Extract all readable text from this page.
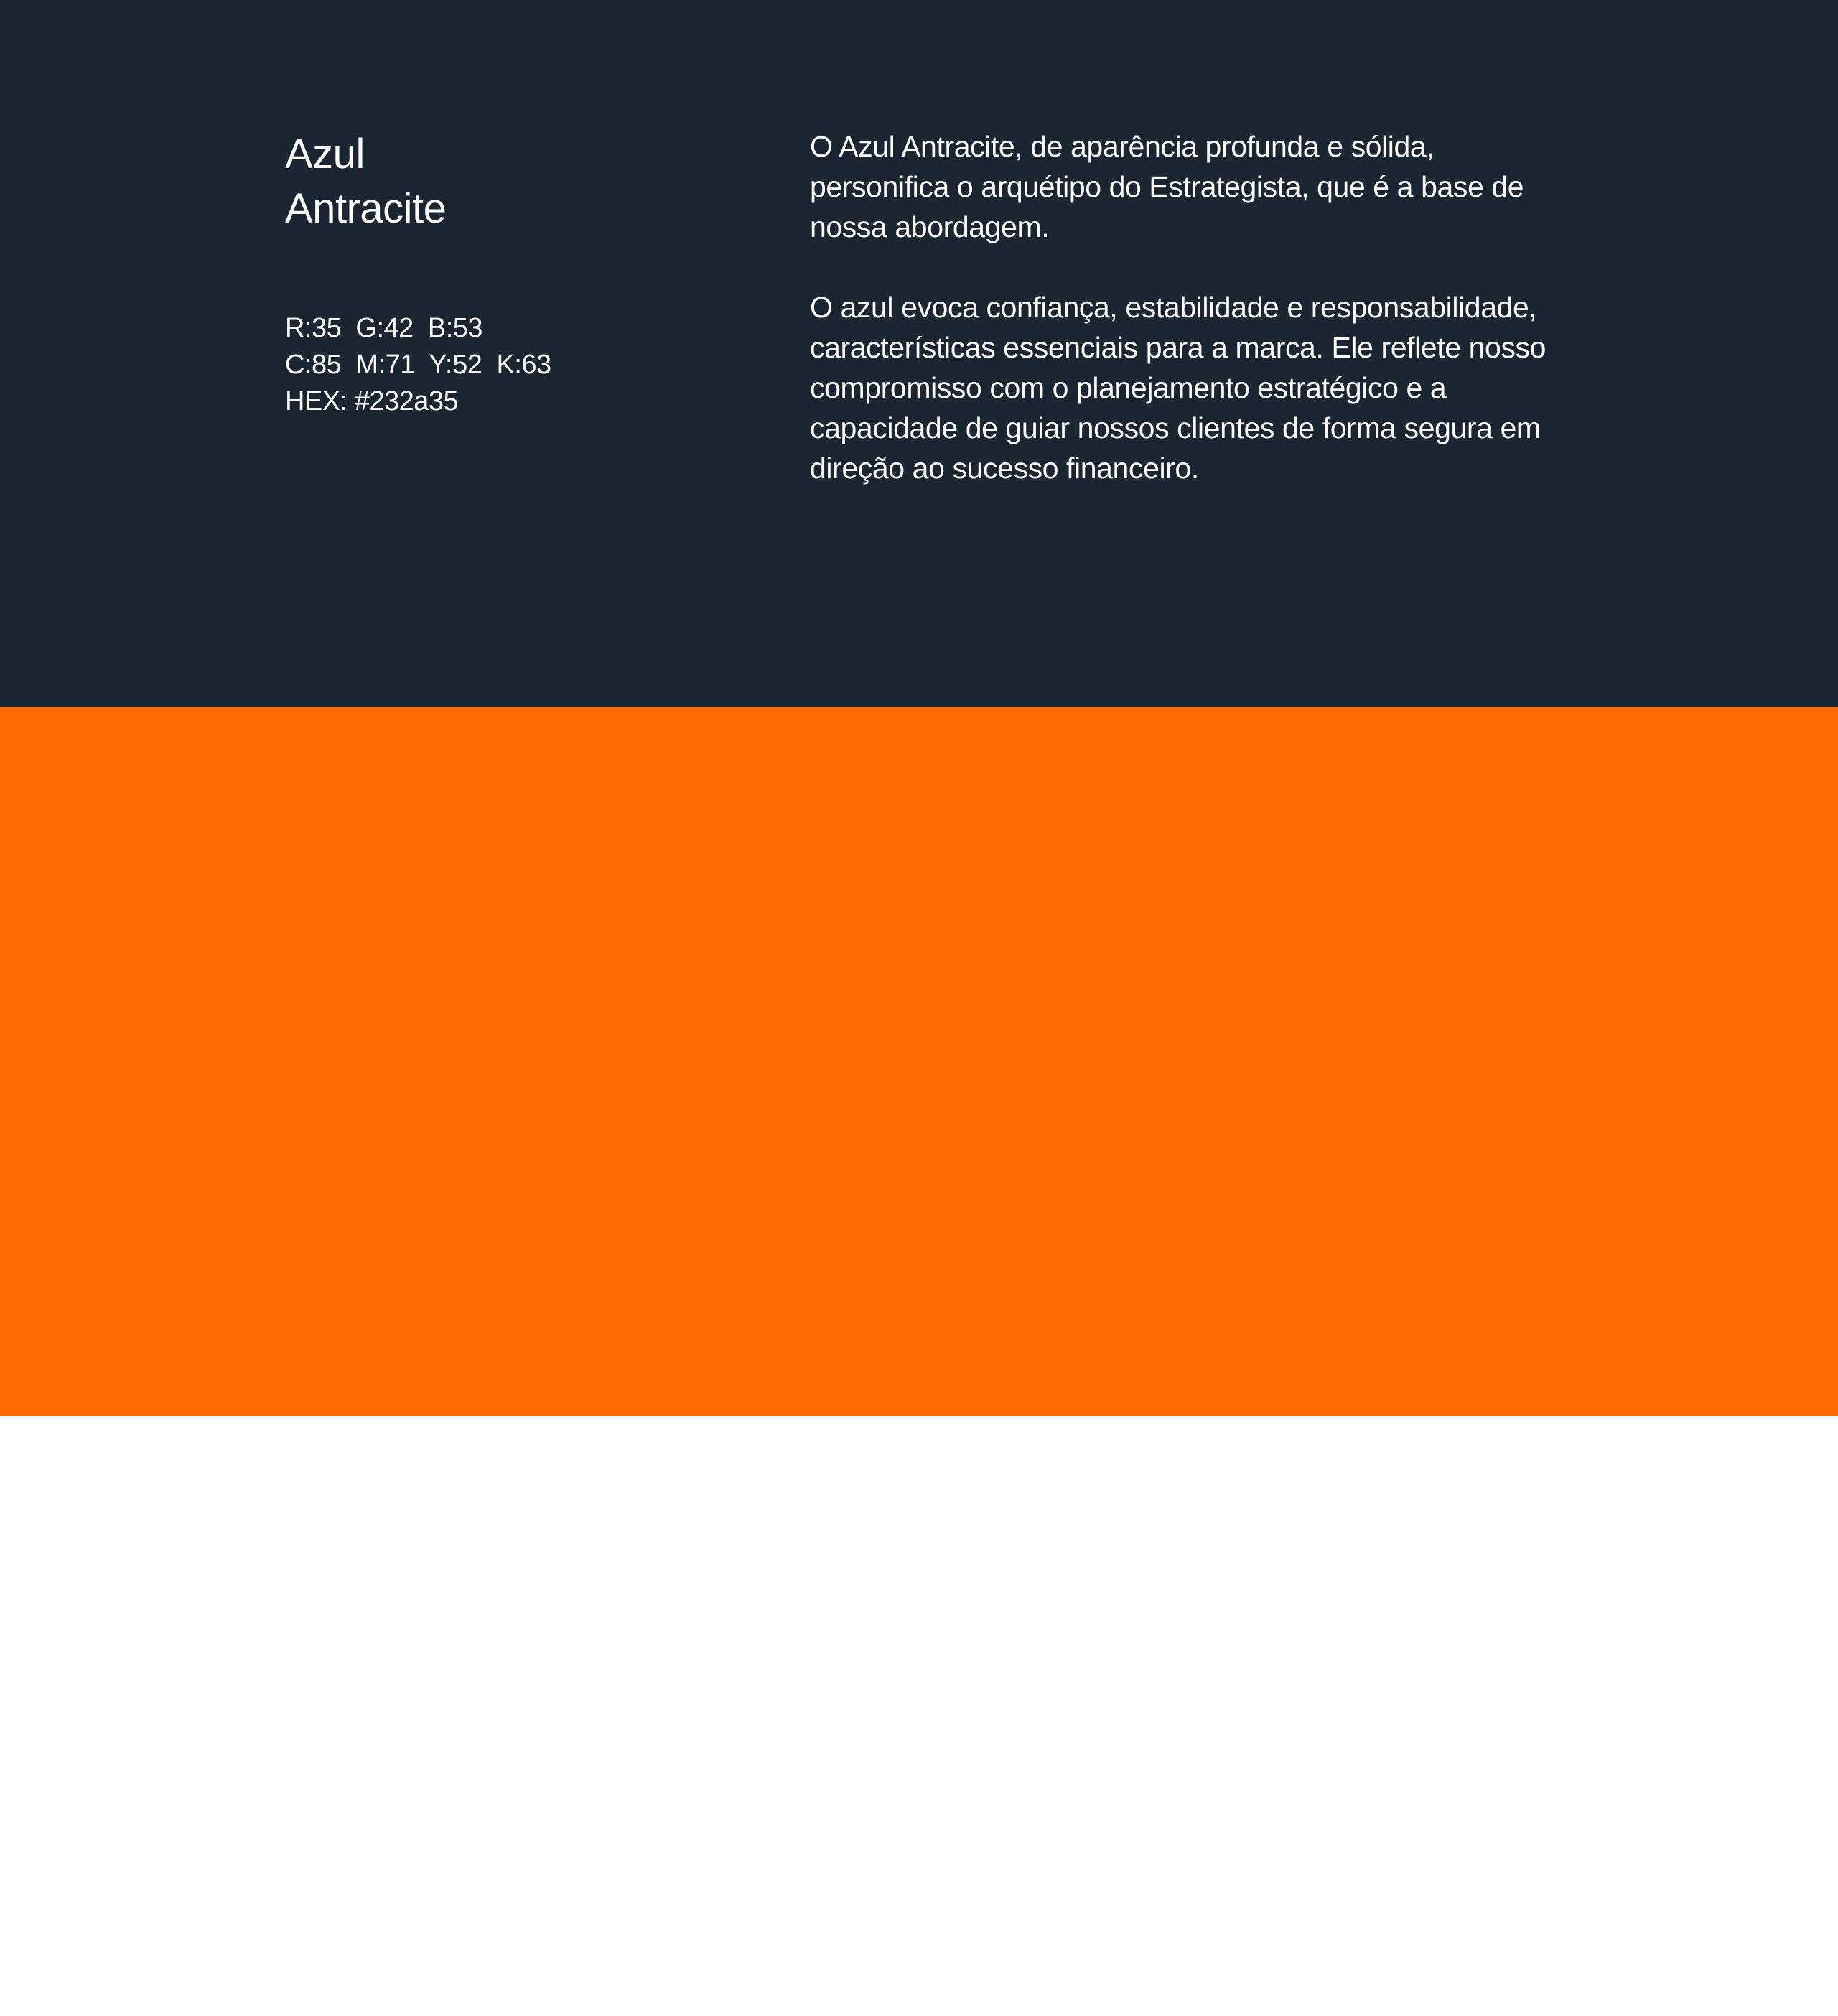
Azul
Antracite
R:35  G:42  B:53
C:85  M:71  Y:52  K:63
HEX: #232a35

O Azul Antracite, de aparência profunda e sólida, personifica o arquétipo do Estrategista, que é a base de nossa abordagem.

O azul evoca confiança, estabilidade e responsabilidade, características essenciais para a marca. Ele reflete nosso compromisso com o planejamento estratégico e a capacidade de guiar nossos clientes de forma segura em direção ao sucesso financeiro.

Laranja
Vibrante
R:245  G:106  B:0
C:0  M:68  Y:97  K:0
HEX: #f56a00

Este tom vibrante de laranja, propositalmente batizado de Laranja Vibrante, é a cor central de nossa identidade visual. A cor encarna o arquétipo do Cientista, que desempenha um papel de apoio vital em nossa abordagem.

O laranja irradia energia, criatividade e inovação. Ele reflete nossa busca incessante por soluções inteligentes e eficazes na área de remuneração, onde a pesquisa e a análise são fundamentais.
